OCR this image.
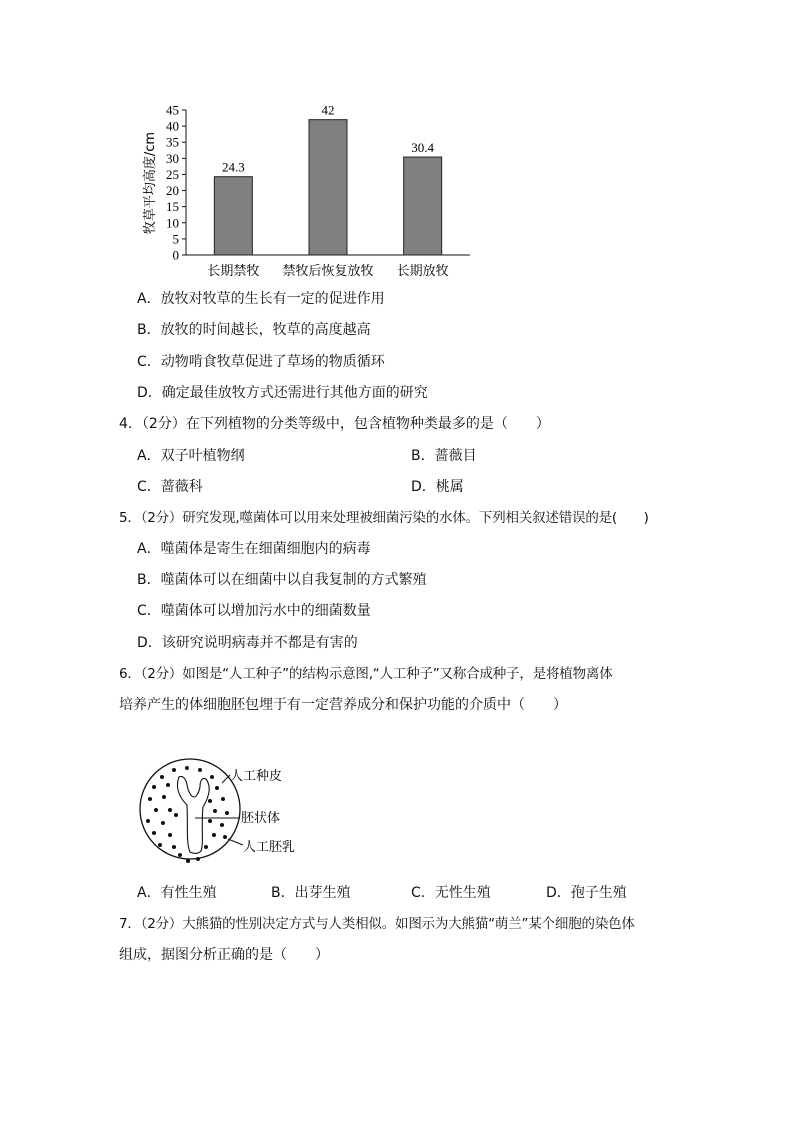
牧草平均高度/cm
0
5
10
15
20
25
30
35
40
45
24.3
42
30.4
长期禁牧 禁牧后恢复放牧 长期放牧
A．放牧对牧草的生长有一定的促进作用
B．放牧的时间越长，牧草的高度越高
C．动物啃食牧草促进了草场的物质循环
D．确定最佳放牧方式还需进行其他方面的研究
4．（2分）在下列植物的分类等级中，包含植物种类最多的是（　　）
A．双子叶植物纲	B．蔷薇目
C．蔷薇科	D．桃属
5．（2分）研究发现,噬菌体可以用来处理被细菌污染的水体。下列相关叙述错误的是(　　)
A．噬菌体是寄生在细菌细胞内的病毒
B．噬菌体可以在细菌中以自我复制的方式繁殖
C．噬菌体可以增加污水中的细菌数量
D．该研究说明病毒并不都是有害的
6．（2分）如图是“人工种子”的结构示意图,“人工种子”又称合成种子，是将植物离体
培养产生的体细胞胚包埋于有一定营养成分和保护功能的介质中（　　）
人工种皮
胚状体
人工胚乳
A．有性生殖	B．出芽生殖	C．无性生殖	D．孢子生殖
7．（2分）大熊猫的性别决定方式与人类相似。如图示为大熊猫“萌兰”某个细胞的染色体
组成，据图分析正确的是（　　）
